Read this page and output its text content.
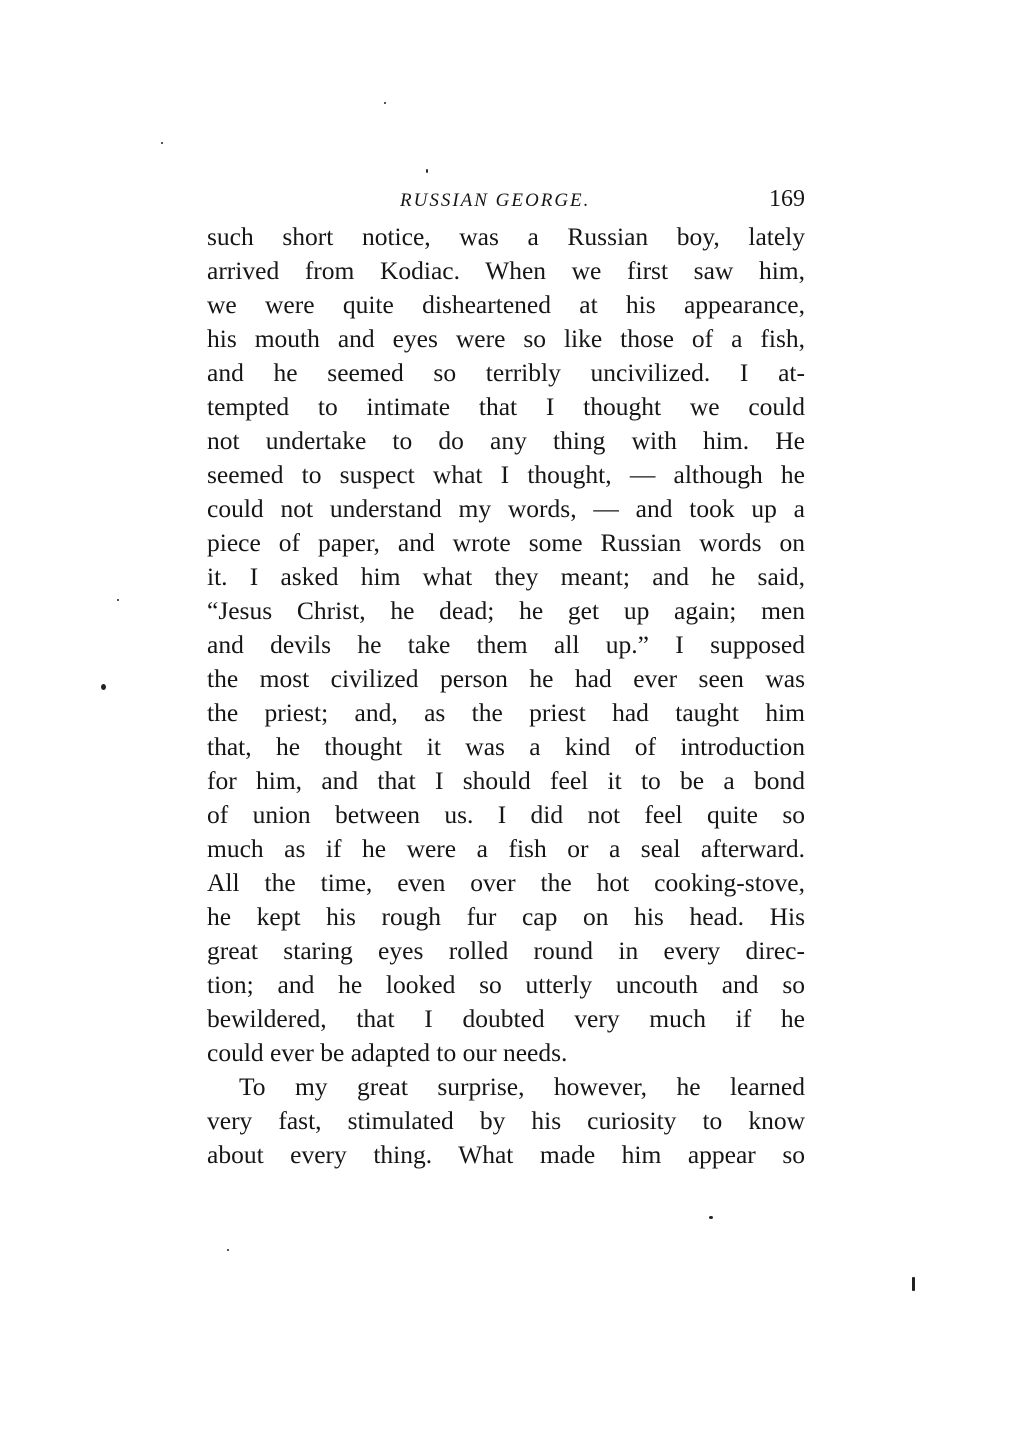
RUSSIAN GEORGE.	169
such short notice, was a Russian boy, lately
arrived from Kodiac. When we first saw him,
we were quite disheartened at his appearance,
his mouth and eyes were so like those of a fish,
and he seemed so terribly uncivilized. I at-
tempted to intimate that I thought we could
not undertake to do any thing with him. He
seemed to suspect what I thought, — although he
could not understand my words, — and took up a
piece of paper, and wrote some Russian words on
it. I asked him what they meant; and he said,
“Jesus Christ, he dead; he get up again; men
and devils he take them all up.” I supposed
the most civilized person he had ever seen was
the priest; and, as the priest had taught him
that, he thought it was a kind of introduction
for him, and that I should feel it to be a bond
of union between us. I did not feel quite so
much as if he were a fish or a seal afterward.
All the time, even over the hot cooking-stove,
he kept his rough fur cap on his head. His
great staring eyes rolled round in every direc-
tion; and he looked so utterly uncouth and so
bewildered, that I doubted very much if he
could ever be adapted to our needs.
To my great surprise, however, he learned
very fast, stimulated by his curiosity to know
about every thing. What made him appear so
